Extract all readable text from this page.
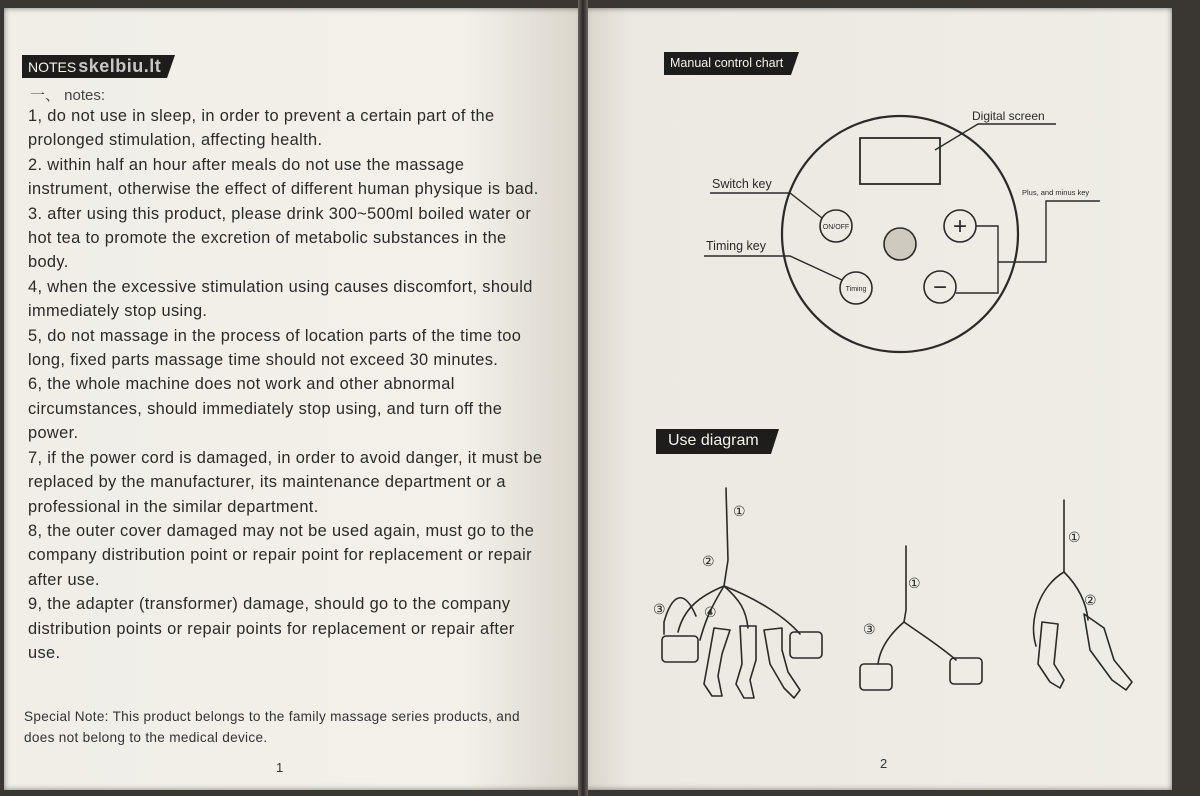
NOTES skelbiu.lt
一、 notes:

1, do not use in sleep, in order to prevent a certain part of the prolonged stimulation, affecting health.

2. within half an hour after meals do not use the massage instrument, otherwise the effect of different human physique is bad.

3. after using this product, please drink 300~500ml boiled water or hot tea to promote the excretion of metabolic substances in the body.

4, when the excessive stimulation using causes discomfort, should immediately stop using.

5, do not massage in the process of location parts of the time too long, fixed parts massage time should not exceed 30 minutes.

6, the whole machine does not work and other abnormal circumstances, should immediately stop using, and turn off the power.

7, if the power cord is damaged, in order to avoid danger, it must be replaced by the manufacturer, its maintenance department or a professional in the similar department.

8, the outer cover damaged may not be used again, must go to the company distribution point or repair point for replacement or repair after use.

9, the adapter (transformer) damage, should go to the company distribution points or repair points for replacement or repair after use.

Special Note: This product belongs to the family massage series products, and does not belong to the medical device.
1
Manual control chart
Digital screen
Switch key
Plus, and minus key
Timing key
ON/OFF
Timing
+
−
Use diagram
①
②
③	④
①
③
①
②
2
